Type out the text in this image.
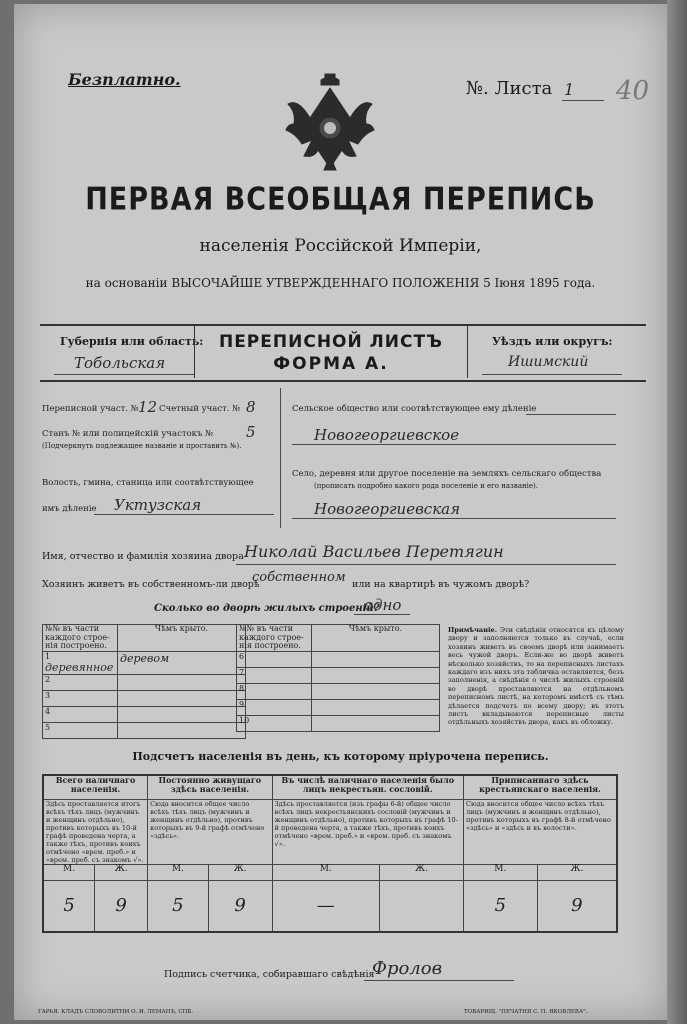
Безплатно.	№. Листа 1 40
ПЕРВАЯ ВСЕОБЩАЯ ПЕРЕПИСЬ
населенія Россійской Имперіи,
на основаніи ВЫСОЧАЙШЕ УТВЕРЖДЕННАГО ПОЛОЖЕНІЯ 5 Іюня 1895 года.
Губернія или область:
Тобольская
ПЕРЕПИСНОЙ ЛИСТЪ
ФОРМА А.
Уѣздъ или округъ:
Ишимский
Переписной участ. № 12 Счетный участ. № 8
Станъ № или полицейскій участокъ № 5
(Подчеркнуть подлежащее названіе и проставить №).
Волость, гмина, станица или соотвѣтствующее
имъ дѣленіе Уктузская
Сельское общество или соотвѣтствующее ему дѣленіе
Новогеоргиевское
Село, деревня или другое поселеніе на земляхъ сельскаго общества
(прописать подробно какого рода поселеніе и его названіе).
Новогеоргиевская
Имя, отчество и фамилія хозяина двора Николай Васильев Перетягин
Хозяинъ живетъ въ собственномъ-ли дворѣ
собственном или на квартирѣ въ чужомъ дворѣ?
Сколько во дворѣ жилыхъ строеній?
одно
№№ въ части каждого строе-нія построено.	Чѣмъ крыто.
1 деревянное	деревом
2	
3	
4	
5	
№№ въ части каждого строе-нія построено.	Чѣмъ крыто.
6	
7	
8	
9	
10	
Примѣчаніе. Эти свѣдѣнія относятся къ цѣлому двору и заполняются только въ случаѣ, если хозяинъ живетъ въ своемъ дворѣ или занимаетъ весь чужой дворъ. Если-же во дворѣ живетъ нѣсколько хозяйствъ, то на переписныхъ листахъ каждаго изъ нихъ эта табличка оставляется, безъ заполненія, а свѣдѣнія о числѣ жилыхъ строеній во дворѣ проставляются на отдѣльномъ переписномъ листѣ, на которомъ вмѣстѣ съ тѣмъ дѣлается подсчетъ по всему двору; въ этотъ листъ вкладываются переписные листы отдѣльныхъ хозяйствъ двора, какъ въ обложку.
Подсчетъ населенія въ день, къ которому пріурочена перепись.
Всего наличнаго населенія.		Постоянно живущаго здѣсь населенія.		Въ числѣ наличнаго населенія было лицъ некрестьян. сословій.		Приписаннаго здѣсь крестьянскаго населенія.	
Здѣсь проставляется итогъ всѣхъ тѣхъ лицъ (мужчинъ и женщинъ отдѣльно), противъ которыхъ въ 10-й графѣ проведена черта, а также тѣхъ, противъ коихъ отмѣчено «врем. преб.» и «врем. преб. съ знакомъ √».		Сюда вносится общее число всѣхъ тѣхъ лицъ (мужчинъ и женщинъ отдѣльно), противъ которыхъ въ 9-й графѣ отмѣчено «здѣсь».		Здѣсь проставляется (изъ графы 6-й) общее число всѣхъ лицъ некрестьянскихъ сословій (мужчинъ и женщинъ отдѣльно), противъ которыхъ въ графѣ 10-й проведена черта, а также тѣхъ, противъ коихъ отмѣчено «врем. преб.» и «врем. преб. съ знакомъ √».		Сюда вносится общее число всѣхъ тѣхъ лицъ (мужчинъ и женщинъ отдѣльно), противъ которыхъ въ графѣ 8-й отмѣчено «здѣсь» и «здѣсь и въ волости».	
М.	Ж.	М.	Ж.	М.	Ж.	М.	Ж.
5	9	5	9	—		5	9
Подпись счетчика, собиравшаго свѣдѣнія
Фролов
ГАРЬЯ. КЛАДЪ СЛОВОЛИТНИ О. И. ЛЕМАНЪ, СПБ.	ТОВАРИЩ. "ПЕЧАТНЯ С. П. ЯКОВЛЕВА".
